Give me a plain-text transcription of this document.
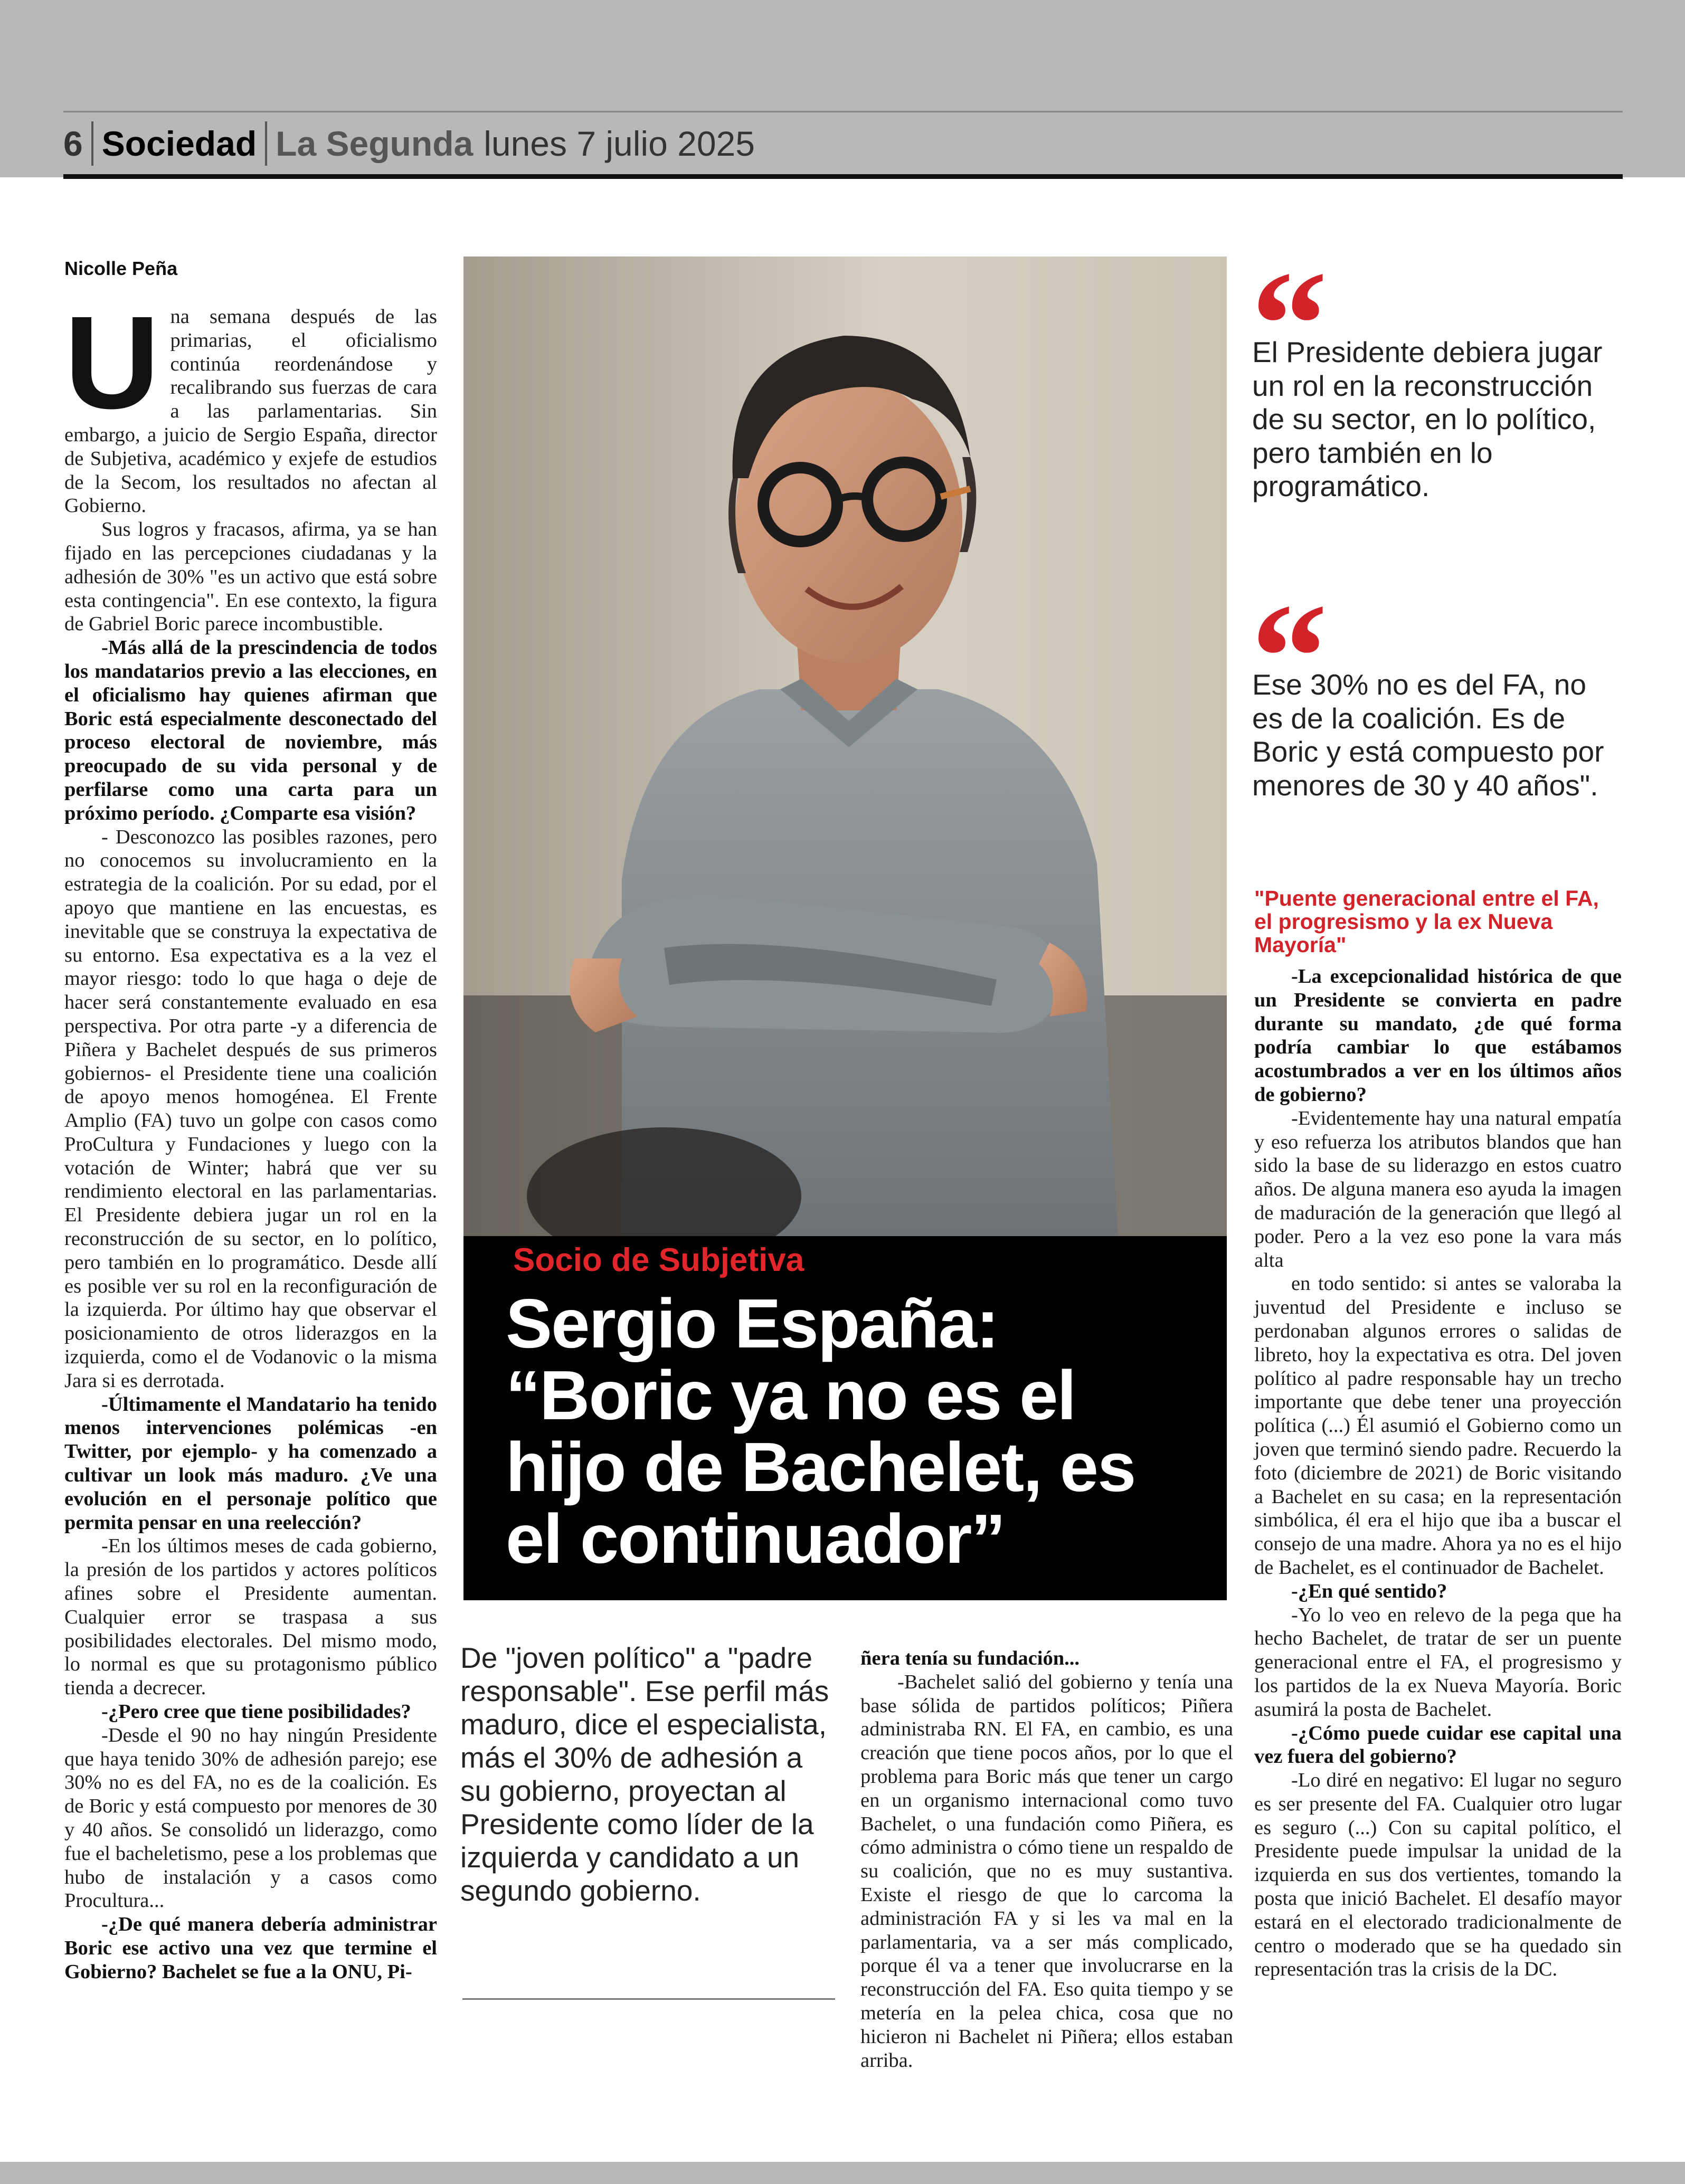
6 Sociedad La Segunda lunes 7 julio 2025
Nicolle Peña
U na semana después de las primarias, el oficialismo continúa reordenándose y recalibrando sus fuerzas de cara a las parlamentarias. Sin embargo, a juicio de Sergio España, director de Subjetiva, académico y exjefe de estudios de la Secom, los resultados no afectan al Gobierno.

Sus logros y fracasos, afirma, ya se han fijado en las percepciones ciudadanas y la adhesión de 30% "es un activo que está sobre esta contingencia". En ese contexto, la figura de Gabriel Boric parece incombustible.

-Más allá de la prescindencia de todos los mandatarios previo a las elecciones, en el oficialismo hay quienes afirman que Boric está especialmente desconectado del proceso electoral de noviembre, más preocupado de su vida personal y de perfilarse como una carta para un próximo período. ¿Comparte esa visión?

- Desconozco las posibles razones, pero no conocemos su involucramiento en la estrategia de la coalición. Por su edad, por el apoyo que mantiene en las encuestas, es inevitable que se construya la expectativa de su entorno. Esa expectativa es a la vez el mayor riesgo: todo lo que haga o deje de hacer será constantemente evaluado en esa perspectiva. Por otra parte -y a diferencia de Piñera y Bachelet después de sus primeros gobiernos- el Presidente tiene una coalición de apoyo menos homogénea. El Frente Amplio (FA) tuvo un golpe con casos como ProCultura y Fundaciones y luego con la votación de Winter; habrá que ver su rendimiento electoral en las parlamentarias. El Presidente debiera jugar un rol en la reconstrucción de su sector, en lo político, pero también en lo programático. Desde allí es posible ver su rol en la reconfiguración de la izquierda. Por último hay que observar el posicionamiento de otros liderazgos en la izquierda, como el de Vodanovic o la misma Jara si es derrotada.

-Últimamente el Mandatario ha tenido menos intervenciones polémicas -en Twitter, por ejemplo- y ha comenzado a cultivar un look más maduro. ¿Ve una evolución en el personaje político que permita pensar en una reelección?

-En los últimos meses de cada gobierno, la presión de los partidos y actores políticos afines sobre el Presidente aumentan. Cualquier error se traspasa a sus posibilidades electorales. Del mismo modo, lo normal es que su protagonismo público tienda a decrecer.

-¿Pero cree que tiene posibilidades?

-Desde el 90 no hay ningún Presidente que haya tenido 30% de adhesión parejo; ese 30% no es del FA, no es de la coalición. Es de Boric y está compuesto por menores de 30 y 40 años. Se consolidó un liderazgo, como fue el bacheletismo, pese a los problemas que hubo de instalación y a casos como Procultura...

-¿De qué manera debería administrar Boric ese activo una vez que termine el Gobierno? Bachelet se fue a la ONU, Pi-

Socio de Subjetiva
Sergio España: “Boric ya no es el hijo de Bachelet, es el continuador”
De "joven político" a "padre responsable". Ese perfil más maduro, dice el especialista, más el 30% de adhesión a su gobierno, proyectan al Presidente como líder de la izquierda y candidato a un segundo gobierno.

ñera tenía su fundación...

-Bachelet salió del gobierno y tenía una base sólida de partidos políticos; Piñera administraba RN. El FA, en cambio, es una creación que tiene pocos años, por lo que el problema para Boric más que tener un cargo en un organismo internacional como tuvo Bachelet, o una fundación como Piñera, es cómo administra o cómo tiene un respaldo de su coalición, que no es muy sustantiva. Existe el riesgo de que lo carcoma la administración FA y si les va mal en la parlamentaria, va a ser más complicado, porque él va a tener que involucrarse en la reconstrucción del FA. Eso quita tiempo y se metería en la pelea chica, cosa que no hicieron ni Bachelet ni Piñera; ellos estaban arriba.

“
El Presidente debiera jugar un rol en la reconstrucción de su sector, en lo político, pero también en lo programático.
“
Ese 30% no es del FA, no es de la coalición. Es de Boric y está compuesto por menores de 30 y 40 años".
"Puente generacional entre el FA, el progresismo y la ex Nueva Mayoría"

-La excepcionalidad histórica de que un Presidente se convierta en padre durante su mandato, ¿de qué forma podría cambiar lo que estábamos acostumbrados a ver en los últimos años de gobierno?

-Evidentemente hay una natural empatía y eso refuerza los atributos blandos que han sido la base de su liderazgo en estos cuatro años. De alguna manera eso ayuda la imagen de maduración de la generación que llegó al poder. Pero a la vez eso pone la vara más alta

en todo sentido: si antes se valoraba la juventud del Presidente e incluso se perdonaban algunos errores o salidas de libreto, hoy la expectativa es otra. Del joven político al padre responsable hay un trecho importante que debe tener una proyección política (...) Él asumió el Gobierno como un joven que terminó siendo padre. Recuerdo la foto (diciembre de 2021) de Boric visitando a Bachelet en su casa; en la representación simbólica, él era el hijo que iba a buscar el consejo de una madre. Ahora ya no es el hijo de Bachelet, es el continuador de Bachelet.

-¿En qué sentido?

-Yo lo veo en relevo de la pega que ha hecho Bachelet, de tratar de ser un puente generacional entre el FA, el progresismo y los partidos de la ex Nueva Mayoría. Boric asumirá la posta de Bachelet.

-¿Cómo puede cuidar ese capital una vez fuera del gobierno?

-Lo diré en negativo: El lugar no seguro es ser presente del FA. Cualquier otro lugar es seguro (...) Con su capital político, el Presidente puede impulsar la unidad de la izquierda en sus dos vertientes, tomando la posta que inició Bachelet. El desafío mayor estará en el electorado tradicionalmente de centro o moderado que se ha quedado sin representación tras la crisis de la DC.
